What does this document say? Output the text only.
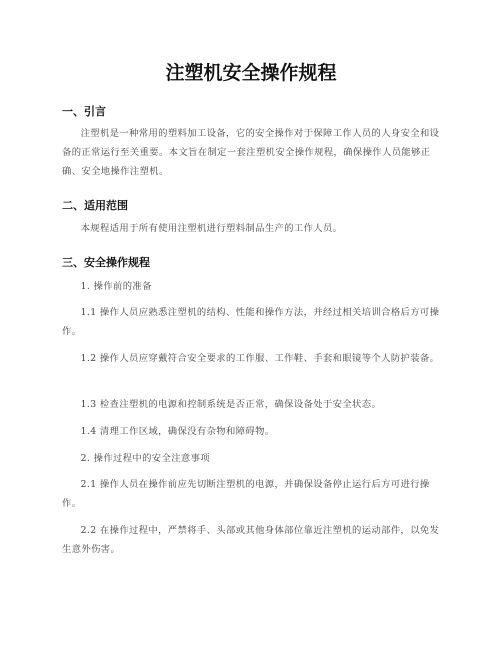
注塑机安全操作规程
一、引言

注塑机是一种常用的塑料加工设备，它的安全操作对于保障工作人员的人身安全和设备的正常运行至关重要。本文旨在制定一套注塑机安全操作规程，确保操作人员能够正确、安全地操作注塑机。

二、适用范围

本规程适用于所有使用注塑机进行塑料制品生产的工作人员。

三、安全操作规程

1. 操作前的准备

1.1 操作人员应熟悉注塑机的结构、性能和操作方法，并经过相关培训合格后方可操作。

1.2 操作人员应穿戴符合安全要求的工作服、工作鞋、手套和眼镜等个人防护装备。

1.3 检查注塑机的电源和控制系统是否正常，确保设备处于安全状态。

1.4 清理工作区域，确保没有杂物和障碍物。

2. 操作过程中的安全注意事项

2.1 操作人员在操作前应先切断注塑机的电源，并确保设备停止运行后方可进行操作。

2.2 在操作过程中，严禁将手、头部或其他身体部位靠近注塑机的运动部件，以免发生意外伤害。
